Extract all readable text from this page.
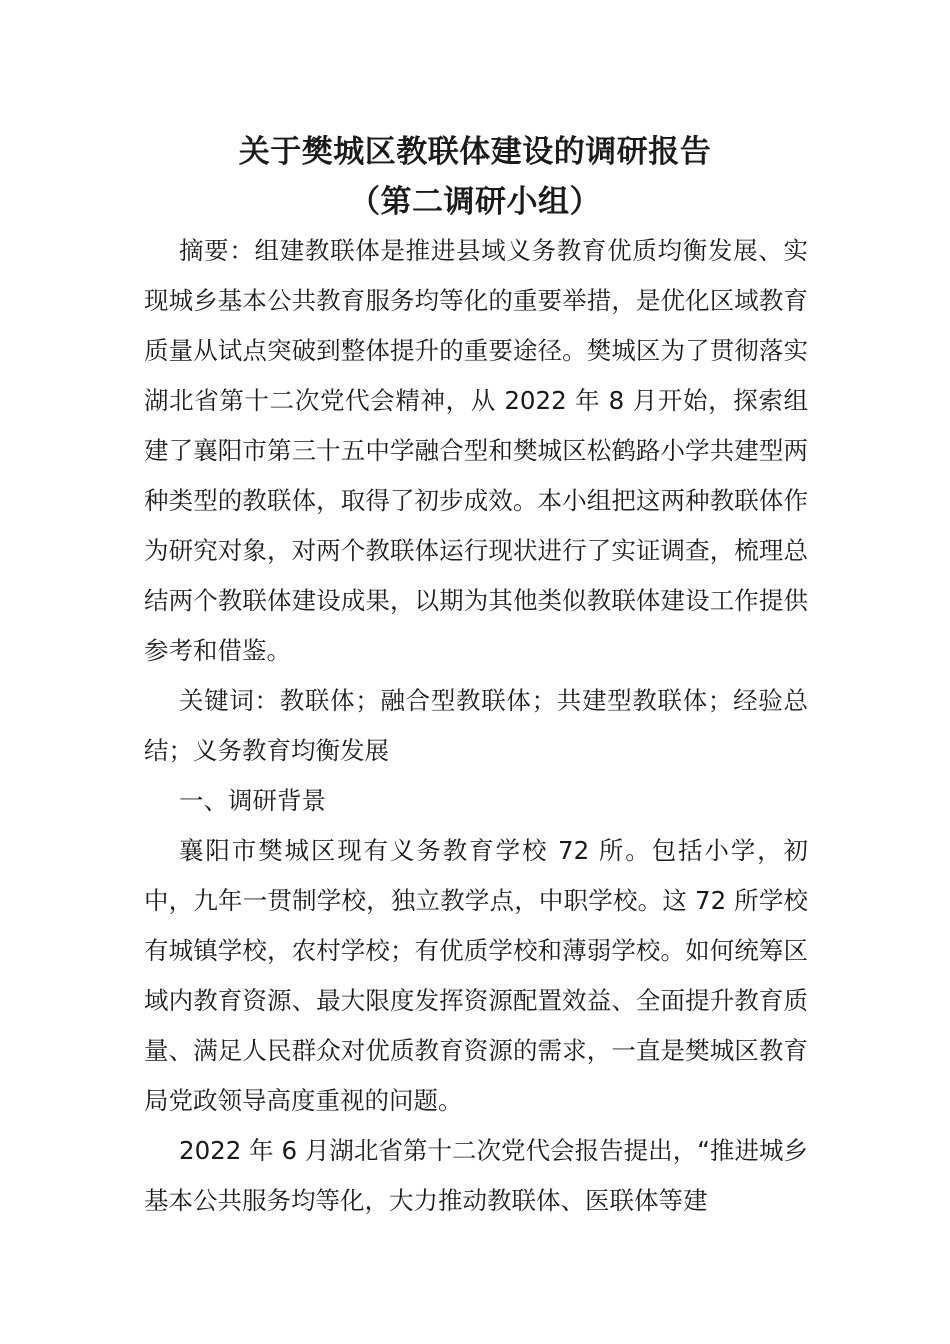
关于樊城区教联体建设的调研报告
（第二调研小组）

摘要：组建教联体是推进县域义务教育优质均衡发展、实现城乡基本公共教育服务均等化的重要举措，是优化区域教育质量从试点突破到整体提升的重要途径。樊城区为了贯彻落实湖北省第十二次党代会精神，从 2022 年 8 月开始，探索组建了襄阳市第三十五中学融合型和樊城区松鹤路小学共建型两种类型的教联体，取得了初步成效。本小组把这两种教联体作为研究对象，对两个教联体运行现状进行了实证调查，梳理总结两个教联体建设成果，以期为其他类似教联体建设工作提供参考和借鉴。

关键词：教联体；融合型教联体；共建型教联体；经验总结；义务教育均衡发展

一、调研背景

襄阳市樊城区现有义务教育学校 72 所。包括小学，初中，九年一贯制学校，独立教学点，中职学校。这 72 所学校有城镇学校，农村学校；有优质学校和薄弱学校。如何统筹区域内教育资源、最大限度发挥资源配置效益、全面提升教育质量、满足人民群众对优质教育资源的需求，一直是樊城区教育局党政领导高度重视的问题。

2022 年 6 月湖北省第十二次党代会报告提出，“推进城乡基本公共服务均等化，大力推动教联体、医联体等建
